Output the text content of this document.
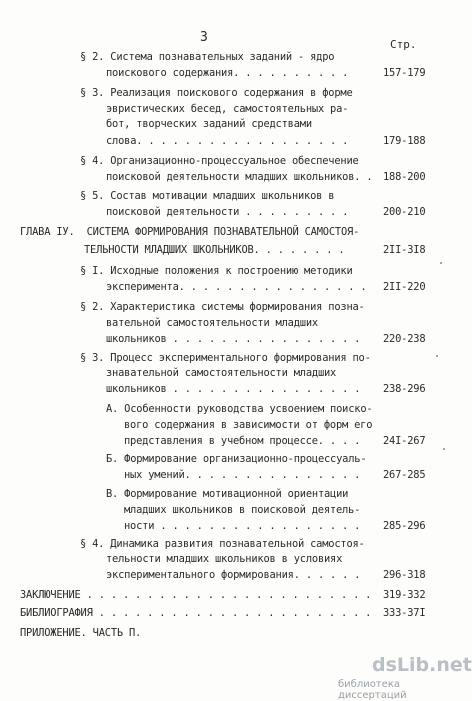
3	Стр.
§ 2. Система познавательных заданий - ядро
поискового содержания. . . . . . . . . .	157-179
§ 3. Реализация поискового содержания в форме
эвристических бесед, самостоятельных ра-
бот, творческих заданий средствами
слова. . . . . . . . . . . . . . . . . .	179-188
§ 4. Организационно-процессуальное обеспечение
поисковой деятельности младших школьников. . 188-200
§ 5. Состав мотивации младших школьников в
поисковой деятельности . . . . . . . . .	200-210
ГЛАВА IУ.  СИСТЕМА ФОРМИРОВАНИЯ ПОЗНАВАТЕЛЬНОЙ САМОСТОЯ-
ТЕЛЬНОСТИ МЛАДШИХ ШКОЛЬНИКОВ. . . . . . . .	2II-3I8
§ I. Исходные положения к построению методики
эксперимента. . . . . . . . . . . . . . . . 2II-220
§ 2. Характеристика системы формирования позна-
вательной самостоятельности младших
школьников . . . . . . . . . . . . . . . . 220-238
§ 3. Процесс экспериментального формирования по-
знавательной самостоятельности младших
школьников . . . . . . . . . . . . . . . . 238-296
А. Особенности руководства усвоением поиско-
вого содержания в зависимости от форм его
представления в учебном процессе. . . . 24I-267
Б. Формирование организационно-процессуаль-
ных умений. . . . . . . . . . . . . . . 267-285
В. Формирование мотивационной ориентации
младших школьников в поисковой деятель-
ности . . . . . . . . . . . . . . . . . 285-296
§ 4. Динамика развития познавательной самостоя-
тельности младших школьников в условиях
экспериментального формирования. . . . . . 296-318
ЗАКЛЮЧЕНИЕ . . . . . . . . . . . . . . . . . . . . . . . . 319-332
БИБЛИОГРАФИЯ . . . . . . . . . . . . . . . . . . . . . . . 333-37I
ПРИЛОЖЕНИЕ. ЧАСТЬ П.
dsLib.net
библиотека диссертаций
